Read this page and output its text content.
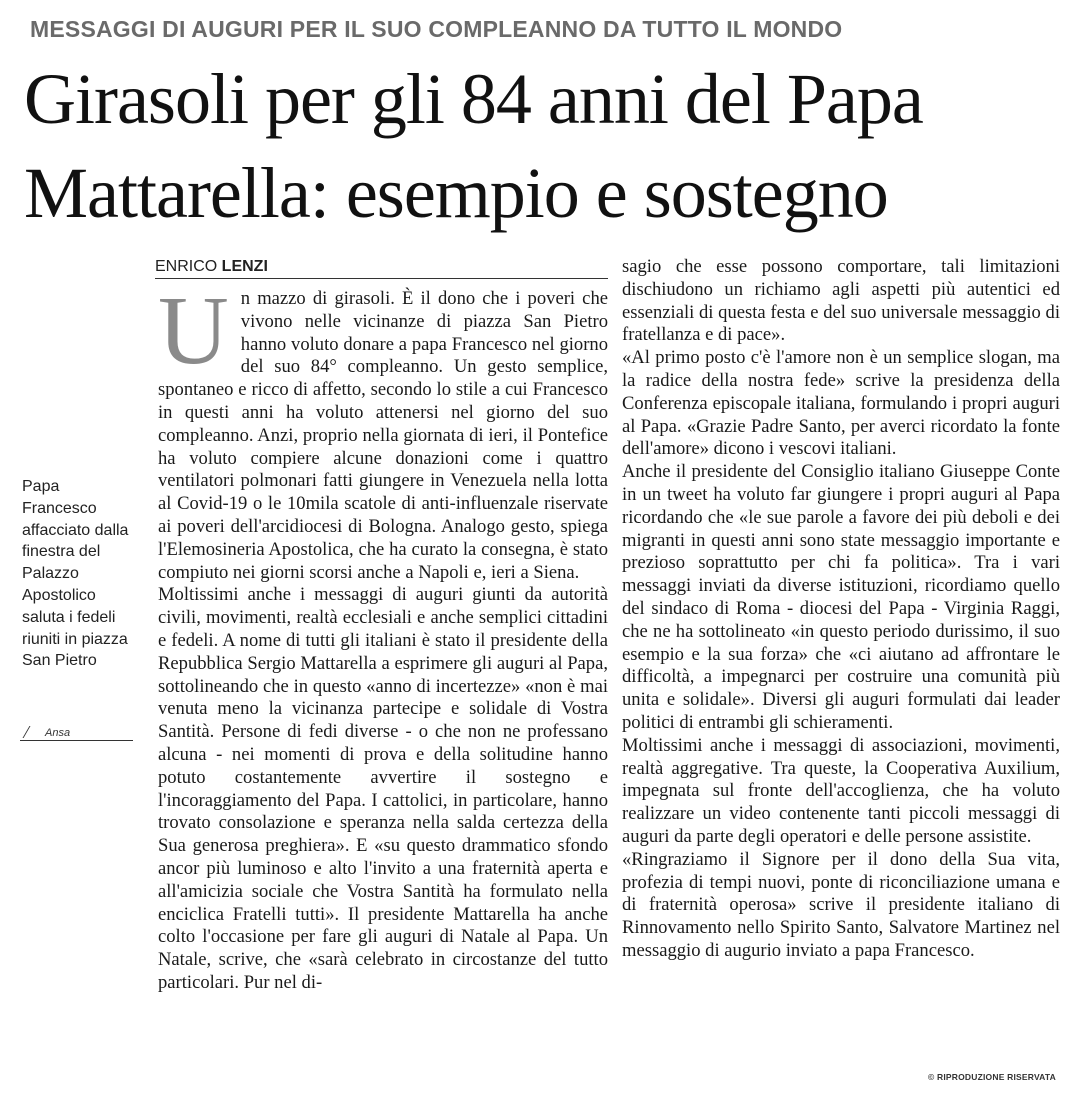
MESSAGGI DI AUGURI PER IL SUO COMPLEANNO DA TUTTO IL MONDO
Girasoli per gli 84 anni del Papa
Mattarella: esempio e sostegno
ENRICO LENZI
Papa Francesco affacciato dalla finestra del Palazzo Apostolico saluta i fedeli riuniti in piazza San Pietro
Ansa

Un mazzo di girasoli. È il dono che i poveri che vivono nelle vicinanze di piazza San Pietro hanno voluto donare a papa Francesco nel giorno del suo 84° compleanno. Un gesto semplice, spontaneo e ricco di affetto, secondo lo stile a cui Francesco in questi anni ha voluto attenersi nel giorno del suo compleanno. Anzi, proprio nella giornata di ieri, il Pontefice ha voluto compiere alcune donazioni come i quattro ventilatori polmonari fatti giungere in Venezuela nella lotta al Covid-19 o le 10mila scatole di anti-influenzale riservate ai poveri dell'arcidiocesi di Bologna. Analogo gesto, spiega l'Elemosineria Apostolica, che ha curato la consegna, è stato compiuto nei giorni scorsi anche a Napoli e, ieri a Siena.

Moltissimi anche i messaggi di auguri giunti da autorità civili, movimenti, realtà ecclesiali e anche semplici cittadini e fedeli. A nome di tutti gli italiani è stato il presidente della Repubblica Sergio Mattarella a esprimere gli auguri al Papa, sottolineando che in questo «anno di incertezze» «non è mai venuta meno la vicinanza partecipe e solidale di Vostra Santità. Persone di fedi diverse - o che non ne professano alcuna - nei momenti di prova e della solitudine hanno potuto costantemente avvertire il sostegno e l'incoraggiamento del Papa. I cattolici, in particolare, hanno trovato consolazione e speranza nella salda certezza della Sua generosa preghiera». E «su questo drammatico sfondo ancor più luminoso e alto l'invito a una fraternità aperta e all'amicizia sociale che Vostra Santità ha formulato nella enciclica Fratelli tutti». Il presidente Mattarella ha anche colto l'occasione per fare gli auguri di Natale al Papa. Un Natale, scrive, che «sarà celebrato in circostanze del tutto particolari. Pur nel di-

sagio che esse possono comportare, tali limitazioni dischiudono un richiamo agli aspetti più autentici ed essenziali di questa festa e del suo universale messaggio di fratellanza e di pace».

«Al primo posto c'è l'amore non è un semplice slogan, ma la radice della nostra fede» scrive la presidenza della Conferenza episcopale italiana, formulando i propri auguri al Papa. «Grazie Padre Santo, per averci ricordato la fonte dell'amore» dicono i vescovi italiani.

Anche il presidente del Consiglio italiano Giuseppe Conte in un tweet ha voluto far giungere i propri auguri al Papa ricordando che «le sue parole a favore dei più deboli e dei migranti in questi anni sono state messaggio importante e prezioso soprattutto per chi fa politica». Tra i vari messaggi inviati da diverse istituzioni, ricordiamo quello del sindaco di Roma - diocesi del Papa - Virginia Raggi, che ne ha sottolineato «in questo periodo durissimo, il suo esempio e la sua forza» che «ci aiutano ad affrontare le difficoltà, a impegnarci per costruire una comunità più unita e solidale». Diversi gli auguri formulati dai leader politici di entrambi gli schieramenti.

Moltissimi anche i messaggi di associazioni, movimenti, realtà aggregative. Tra queste, la Cooperativa Auxilium, impegnata sul fronte dell'accoglienza, che ha voluto realizzare un video contenente tanti piccoli messaggi di auguri da parte degli operatori e delle persone assistite.

«Ringraziamo il Signore per il dono della Sua vita, profezia di tempi nuovi, ponte di riconciliazione umana e di fraternità operosa» scrive il presidente italiano di Rinnovamento nello Spirito Santo, Salvatore Martinez nel messaggio di augurio inviato a papa Francesco.

© RIPRODUZIONE RISERVATA
